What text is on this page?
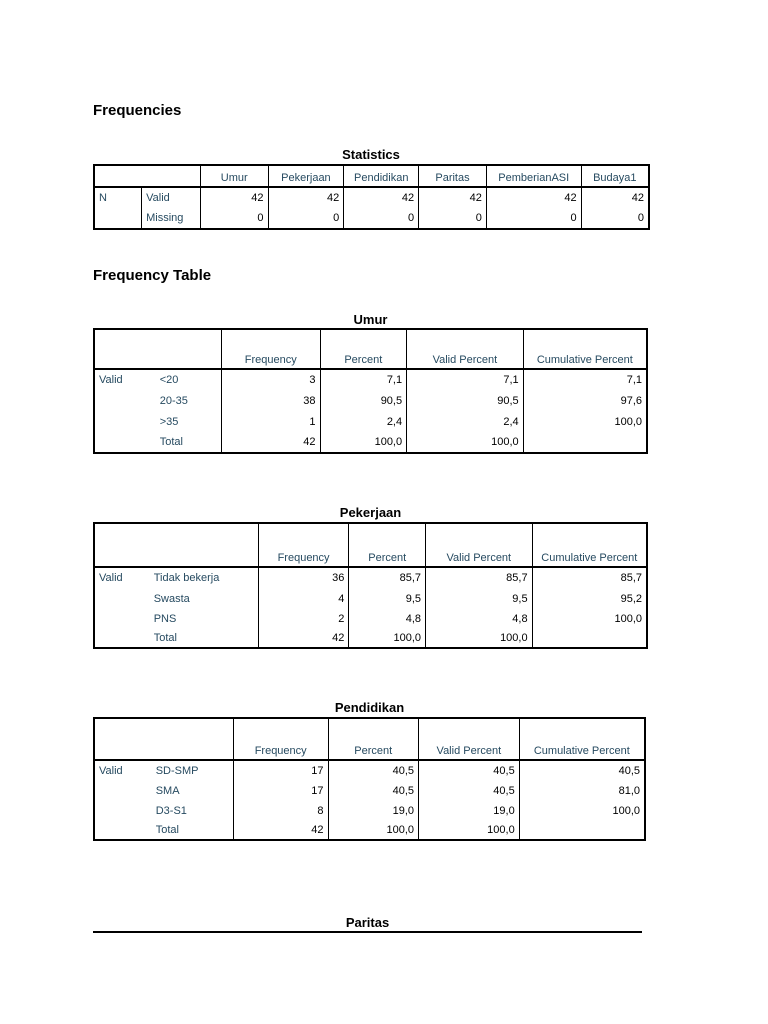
Frequencies
Frequency Table
Statistics
		Umur	Pekerjaan	Pendidikan	Paritas	PemberianASI	Budaya1
N	Valid	42	42	42	42	42	42
	Missing	0	0	0	0	0	0
Umur
		Frequency	Percent	Valid Percent	Cumulative Percent
Valid	<20	3	7,1	7,1	7,1
	20-35	38	90,5	90,5	97,6
	>35	1	2,4	2,4	100,0
	Total	42	100,0	100,0	
Pekerjaan
		Frequency	Percent	Valid Percent	Cumulative Percent
Valid	Tidak bekerja	36	85,7	85,7	85,7
	Swasta	4	9,5	9,5	95,2
	PNS	2	4,8	4,8	100,0
	Total	42	100,0	100,0	
Pendidikan
		Frequency	Percent	Valid Percent	Cumulative Percent
Valid	SD-SMP	17	40,5	40,5	40,5
	SMA	17	40,5	40,5	81,0
	D3-S1	8	19,0	19,0	100,0
	Total	42	100,0	100,0	
Paritas
